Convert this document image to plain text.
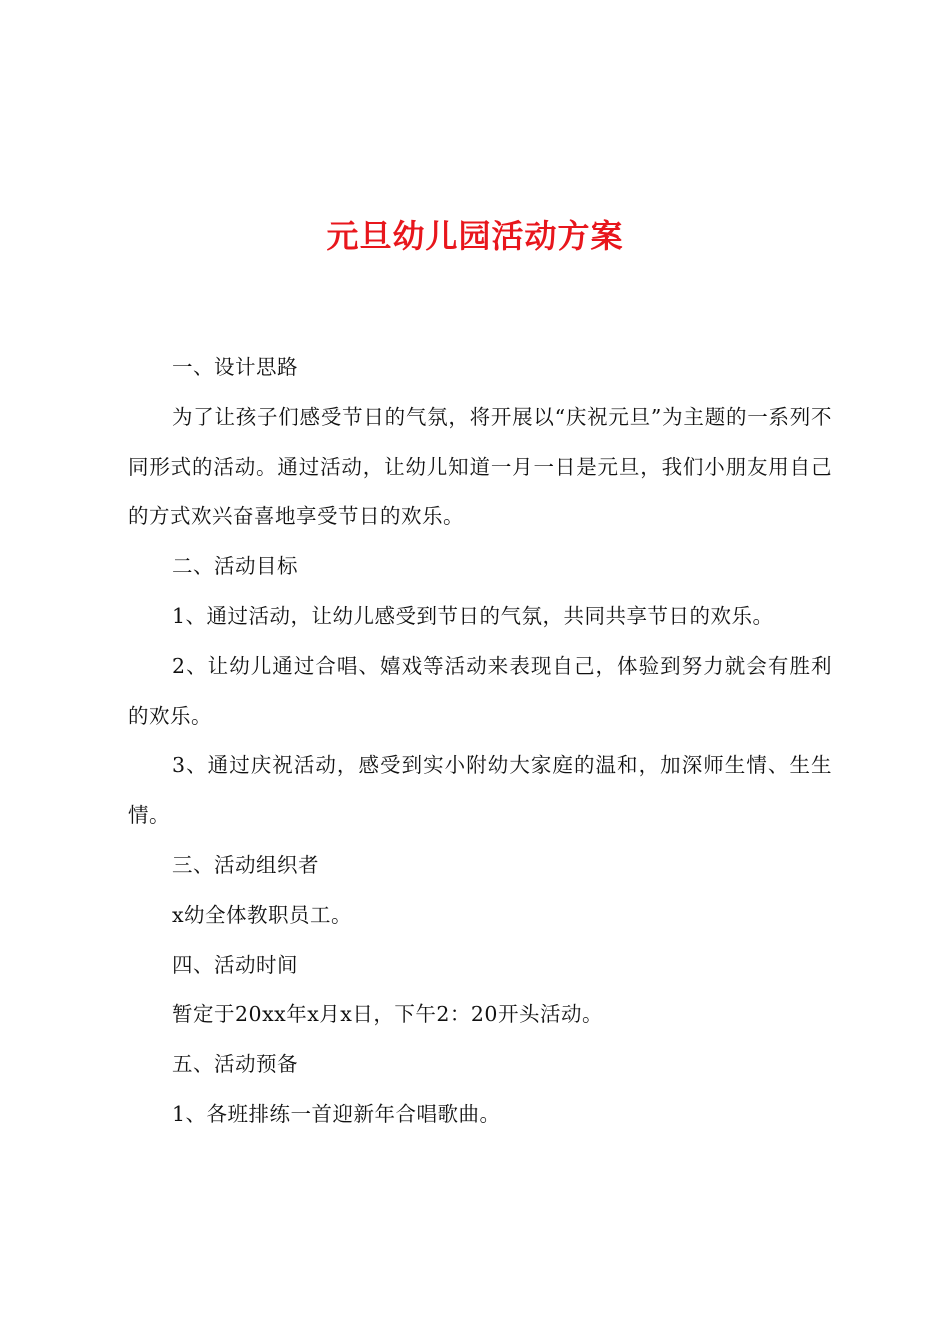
元旦幼儿园活动方案

一、设计思路

为了让孩子们感受节日的气氛，将开展以“庆祝元旦”为主题的一系列不同形式的活动。通过活动，让幼儿知道一月一日是元旦，我们小朋友用自己的方式欢兴奋喜地享受节日的欢乐。

二、活动目标

1、通过活动，让幼儿感受到节日的气氛，共同共享节日的欢乐。

2、让幼儿通过合唱、嬉戏等活动来表现自己，体验到努力就会有胜利的欢乐。

3、通过庆祝活动，感受到实小附幼大家庭的温和，加深师生情、生生情。

三、活动组织者

x幼全体教职员工。

四、活动时间

暂定于20xx年x月x日，下午2：20开头活动。

五、活动预备

1、各班排练一首迎新年合唱歌曲。
